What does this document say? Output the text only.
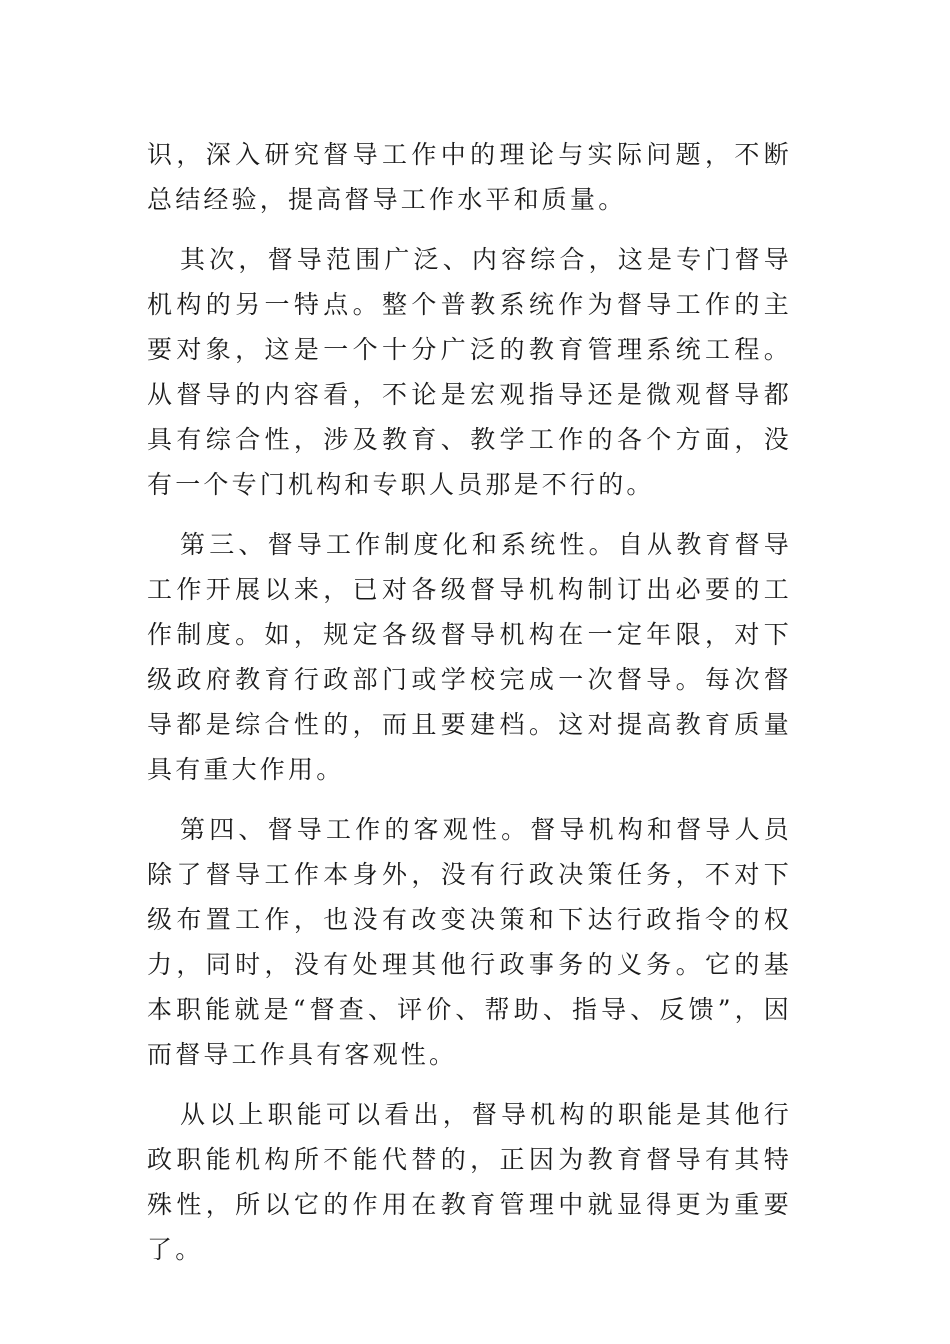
识，深入研究督导工作中的理论与实际问题，不断总结经验，提高督导工作水平和质量。

其次，督导范围广泛、内容综合，这是专门督导机构的另一特点。整个普教系统作为督导工作的主要对象，这是一个十分广泛的教育管理系统工程。从督导的内容看，不论是宏观指导还是微观督导都具有综合性，涉及教育、教学工作的各个方面，没有一个专门机构和专职人员那是不行的。

第三、督导工作制度化和系统性。自从教育督导工作开展以来，已对各级督导机构制订出必要的工作制度。如，规定各级督导机构在一定年限，对下级政府教育行政部门或学校完成一次督导。每次督导都是综合性的，而且要建档。这对提高教育质量具有重大作用。

第四、督导工作的客观性。督导机构和督导人员除了督导工作本身外，没有行政决策任务，不对下级布置工作，也没有改变决策和下达行政指令的权力，同时，没有处理其他行政事务的义务。它的基本职能就是“督查、评价、帮助、指导、反馈”，因而督导工作具有客观性。

从以上职能可以看出，督导机构的职能是其他行政职能机构所不能代替的，正因为教育督导有其特殊性，所以它的作用在教育管理中就显得更为重要了。
